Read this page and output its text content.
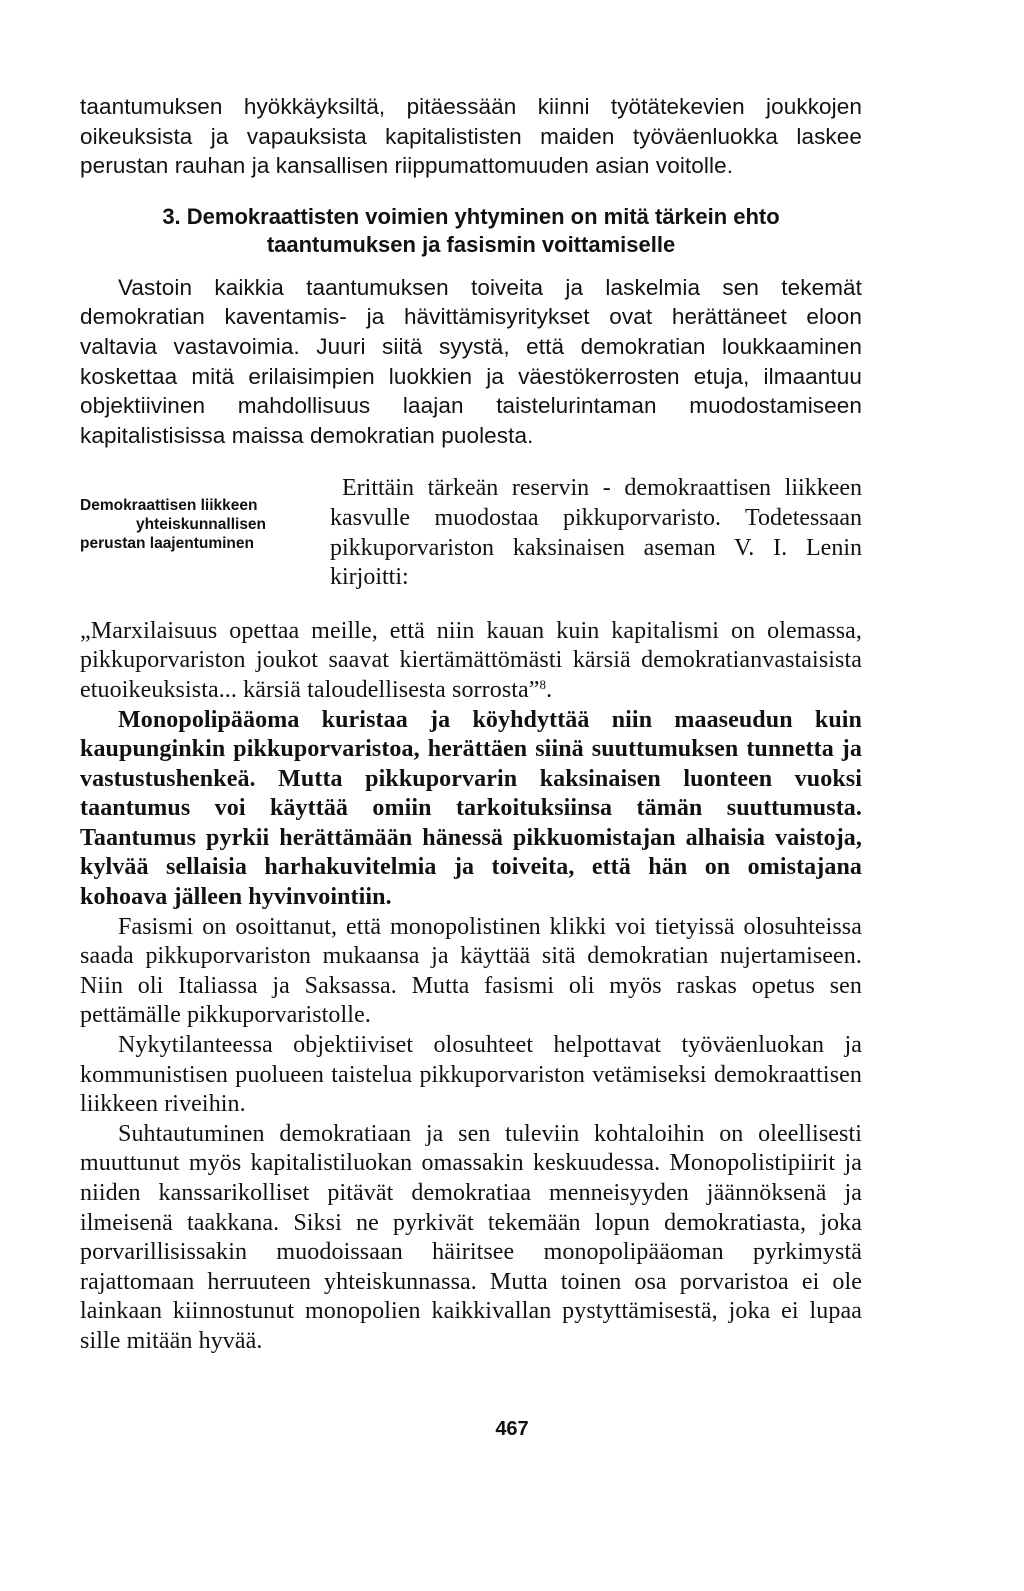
taantumuksen hyökkäyksiltä, pitäessään kiinni työtätekevien joukkojen oikeuksista ja vapauksista kapitalististen maiden työväenluokka laskee perustan rauhan ja kansallisen riippumattomuuden asian voitolle.

3. Demokraattisten voimien yhtyminen on mitä tärkein ehto
taantumuksen ja fasismin voittamiselle

Vastoin kaikkia taantumuksen toiveita ja laskelmia sen tekemät demokratian kaventamis- ja hävittämisyritykset ovat herättäneet eloon valtavia vastavoimia. Juuri siitä syystä, että demokratian loukkaaminen koskettaa mitä erilaisimpien luokkien ja väestökerrosten etuja, ilmaantuu objektiivinen mahdollisuus laajan taistelurintaman muodostamiseen kapitalistisissa maissa demokratian puolesta.

Demokraattisen liikkeen
yhteiskunnallisen
perustan laajentuminen

Erittäin tärkeän reservin - demokraattisen liikkeen kasvulle muodostaa pikkuporvaristo. Todetessaan pikkuporvariston kaksinaisen aseman V. I. Lenin kirjoitti:

„Marxilaisuus opettaa meille, että niin kauan kuin kapitalismi on olemassa, pikkuporvariston joukot saavat kiertämättömästi kärsiä demokratianvastaisista etuoikeuksista... kärsiä taloudellisesta sorrosta”$^8$.

Monopolipääoma kuristaa ja köyhdyttää niin maaseudun kuin kaupunginkin pikkuporvaristoa, herättäen siinä suuttumuksen tunnetta ja vastustushenkeä. Mutta pikkuporvarin kaksinaisen luonteen vuoksi taantumus voi käyttää omiin tarkoituksiinsa tämän suuttumusta. Taantumus pyrkii herättämään hänessä pikkuomistajan alhaisia vaistoja, kylvää sellaisia harhakuvitelmia ja toiveita, että hän on omistajana kohoava jälleen hyvinvointiin.

Fasismi on osoittanut, että monopolistinen klikki voi tietyissä olosuhteissa saada pikkuporvariston mukaansa ja käyttää sitä demokratian nujertamiseen. Niin oli Italiassa ja Saksassa. Mutta fasismi oli myös raskas opetus sen pettämälle pikkuporvaristolle.

Nykytilanteessa objektiiviset olosuhteet helpottavat työväenluokan ja kommunistisen puolueen taistelua pikkuporvariston vetämiseksi demokraattisen liikkeen riveihin.

Suhtautuminen demokratiaan ja sen tuleviin kohtaloihin on oleellisesti muuttunut myös kapitalistiluokan omassakin keskuudessa. Monopolistipiirit ja niiden kanssarikolliset pitävät demokratiaa menneisyyden jäännöksenä ja ilmeisenä taakkana. Siksi ne pyrkivät tekemään lopun demokratiasta, joka porvarillisissakin muodoissaan häiritsee monopolipääoman pyrkimystä rajattomaan herruuteen yhteiskunnassa. Mutta toinen osa porvaristoa ei ole lainkaan kiinnostunut monopolien kaikkivallan pystyttämisestä, joka ei lupaa sille mitään hyvää.

467
